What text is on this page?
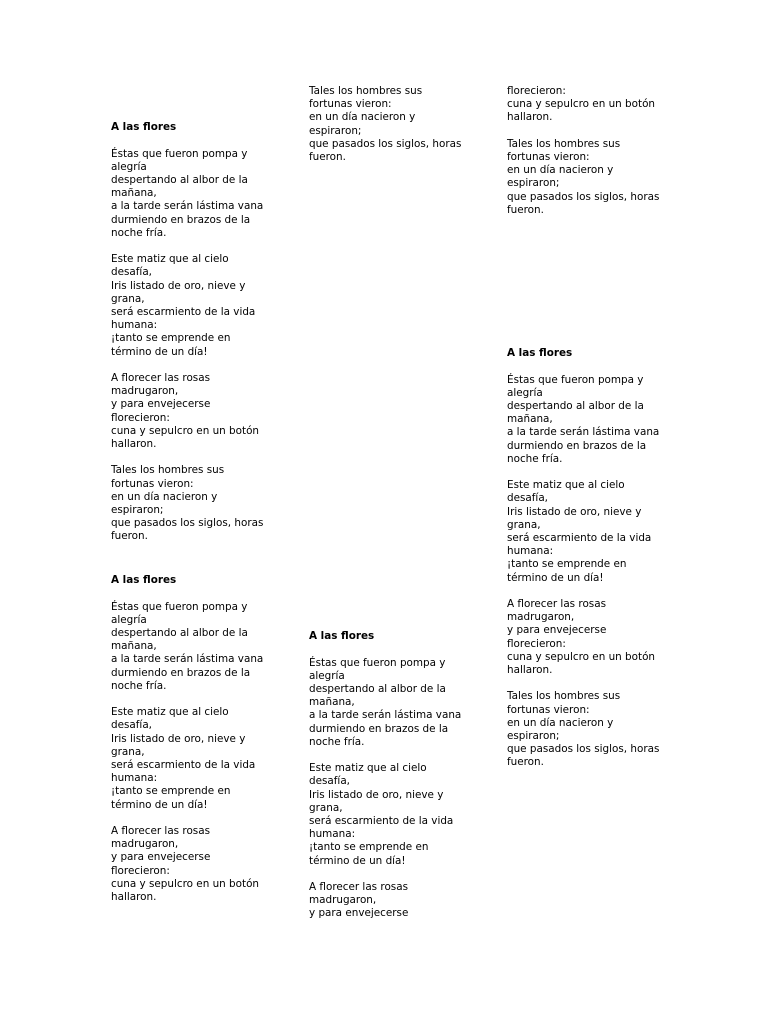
A las flores
Éstas que fueron pompa y
alegría
despertando al albor de la
mañana,
a la tarde serán lástima vana
durmiendo en brazos de la
noche fría.
Este matiz que al cielo
desafía,
Iris listado de oro, nieve y
grana,
será escarmiento de la vida
humana:
¡tanto se emprende en
término de un día!
A florecer las rosas
madrugaron,
y para envejecerse
florecieron:
cuna y sepulcro en un botón
hallaron.
Tales los hombres sus
fortunas vieron:
en un día nacieron y
espiraron;
que pasados los siglos, horas
fueron.
A las flores
Éstas que fueron pompa y
alegría
despertando al albor de la
mañana,
a la tarde serán lástima vana
durmiendo en brazos de la
noche fría.
Este matiz que al cielo
desafía,
Iris listado de oro, nieve y
grana,
será escarmiento de la vida
humana:
¡tanto se emprende en
término de un día!
A florecer las rosas
madrugaron,
y para envejecerse
florecieron:
cuna y sepulcro en un botón
hallaron.
Tales los hombres sus
fortunas vieron:
en un día nacieron y
espiraron;
que pasados los siglos, horas
fueron.
A las flores
Éstas que fueron pompa y
alegría
despertando al albor de la
mañana,
a la tarde serán lástima vana
durmiendo en brazos de la
noche fría.
Este matiz que al cielo
desafía,
Iris listado de oro, nieve y
grana,
será escarmiento de la vida
humana:
¡tanto se emprende en
término de un día!
A florecer las rosas
madrugaron,
y para envejecerse
florecieron:
cuna y sepulcro en un botón
hallaron.
Tales los hombres sus
fortunas vieron:
en un día nacieron y
espiraron;
que pasados los siglos, horas
fueron.
A las flores
Éstas que fueron pompa y
alegría
despertando al albor de la
mañana,
a la tarde serán lástima vana
durmiendo en brazos de la
noche fría.
Este matiz que al cielo
desafía,
Iris listado de oro, nieve y
grana,
será escarmiento de la vida
humana:
¡tanto se emprende en
término de un día!
A florecer las rosas
madrugaron,
y para envejecerse
florecieron:
cuna y sepulcro en un botón
hallaron.
Tales los hombres sus
fortunas vieron:
en un día nacieron y
espiraron;
que pasados los siglos, horas
fueron.
